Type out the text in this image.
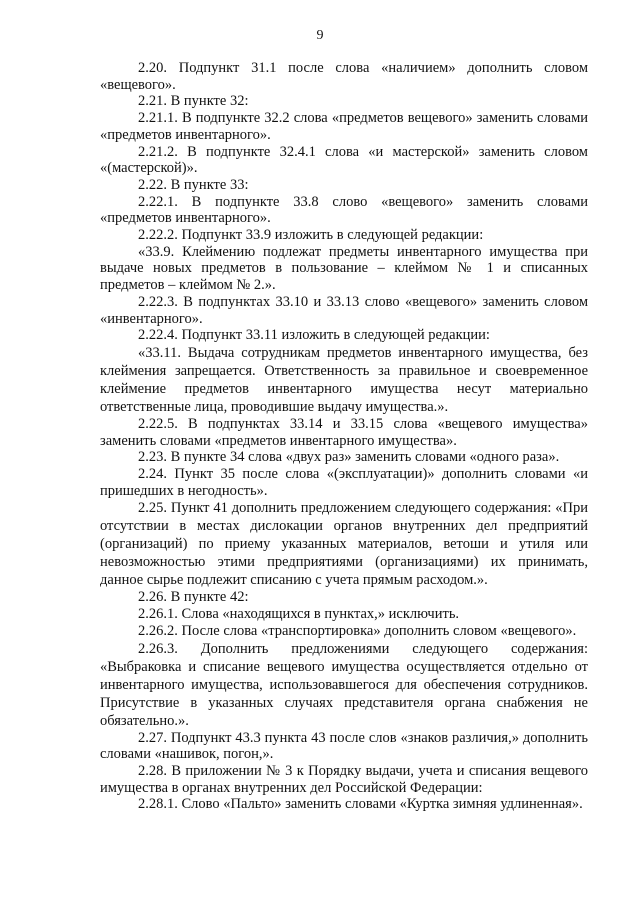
9

2.20. Подпункт 31.1 после слова «наличием» дополнить словом «вещевого».

2.21. В пункте 32:

2.21.1. В подпункте 32.2 слова «предметов вещевого» заменить словами «предметов инвентарного».

2.21.2. В подпункте 32.4.1 слова «и мастерской» заменить словом «(мастерской)».

2.22. В пункте 33:

2.22.1. В подпункте 33.8 слово «вещевого» заменить словами «предметов инвентарного».

2.22.2. Подпункт 33.9 изложить в следующей редакции:

«33.9. Клеймению подлежат предметы инвентарного имущества при выдаче новых предметов в пользование – клеймом № 1 и списанных предметов – клеймом № 2.».

2.22.3. В подпунктах 33.10 и 33.13 слово «вещевого» заменить словом «инвентарного».

2.22.4. Подпункт 33.11 изложить в следующей редакции:

«33.11. Выдача сотрудникам предметов инвентарного имущества, без клеймения запрещается. Ответственность за правильное и своевременное клеймение предметов инвентарного имущества несут материально ответственные лица, проводившие выдачу имущества.».

2.22.5. В подпунктах 33.14 и 33.15 слова «вещевого имущества» заменить словами «предметов инвентарного имущества».

2.23. В пункте 34 слова «двух раз» заменить словами «одного раза».

2.24. Пункт 35 после слова «(эксплуатации)» дополнить словами «и пришедших в негодность».

2.25. Пункт 41 дополнить предложением следующего содержания: «При отсутствии в местах дислокации органов внутренних дел предприятий (организаций) по приему указанных материалов, ветоши и утиля или невозможностью этими предприятиями (организациями) их принимать, данное сырье подлежит списанию с учета прямым расходом.».

2.26. В пункте 42:

2.26.1. Слова «находящихся в пунктах,» исключить.

2.26.2. После слова «транспортировка» дополнить словом «вещевого».

2.26.3. Дополнить предложениями следующего содержания: «Выбраковка и списание вещевого имущества осуществляется отдельно от инвентарного имущества, использовавшегося для обеспечения сотрудников. Присутствие в указанных случаях представителя органа снабжения не обязательно.».

2.27. Подпункт 43.3 пункта 43 после слов «знаков различия,» дополнить словами «нашивок, погон,».

2.28. В приложении № 3 к Порядку выдачи, учета и списания вещевого имущества в органах внутренних дел Российской Федерации:

2.28.1. Слово «Пальто» заменить словами «Куртка зимняя удлиненная».
